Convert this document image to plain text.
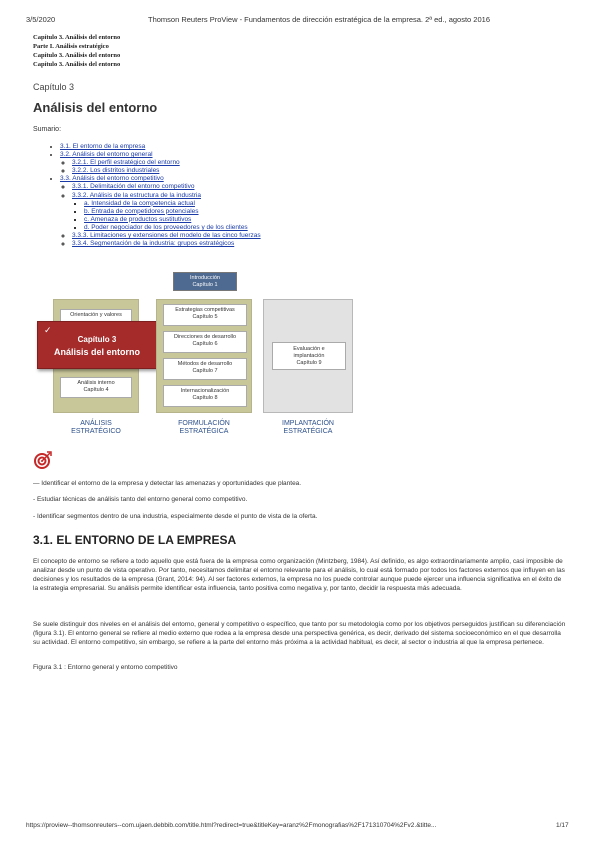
3/5/2020	Thomson Reuters ProView - Fundamentos de dirección estratégica de la empresa. 2ª ed., agosto 2016
Capítulo 3. Análisis del entorno
Parte I. Análisis estratégico
Capítulo 3. Análisis del entorno
Capítulo 3. Análisis del entorno
Capítulo 3
Análisis del entorno
Sumario:
• 3.1. El entorno de la empresa
• 3.2. Análisis del entorno general
◦ 3.2.1. El perfil estratégico del entorno
◦ 3.2.2. Los distritos industriales
• 3.3. Análisis del entorno competitivo
◦ 3.3.1. Delimitación del entorno competitivo
◦ 3.3.2. Análisis de la estructura de la industria
▪ a. Intensidad de la competencia actual
▪ b. Entrada de competidores potenciales
▪ c. Amenaza de productos sustitutivos
▪ d. Poder negociador de los proveedores y de los clientes
◦ 3.3.3. Limitaciones y extensiones del modelo de las cinco fuerzas
◦ 3.3.4. Segmentación de la industria: grupos estratégicos
Introducción
Capítulo 1
Orientación y valores
Análisis interno
Capítulo 4
✓
Capítulo 3
Análisis del entorno
Estrategias competitivas
Capítulo 5
Direcciones de desarrollo
Capítulo 6
Métodos de desarrollo
Capítulo 7
Internacionalización
Capítulo 8
Evaluación e
implantación
Capítulo 9
ANÁLISIS
ESTRATÉGICO
FORMULACIÓN
ESTRATÉGICA
IMPLANTACIÓN
ESTRATÉGICA
— Identificar el entorno de la empresa y detectar las amenazas y oportunidades que plantea.
- Estudiar técnicas de análisis tanto del entorno general como competitivo.
- Identificar segmentos dentro de una industria, especialmente desde el punto de vista de la oferta.
3.1. EL ENTORNO DE LA EMPRESA

El concepto de entorno se refiere a todo aquello que está fuera de la empresa como organización (Mintzberg, 1984). Así definido, es algo extraordinariamente amplio, casi imposible de analizar desde un punto de vista operativo. Por tanto, necesitamos delimitar el entorno relevante para el análisis, lo cual está formado por todos los factores externos que influyen en las decisiones y los resultados de la empresa (Grant, 2014: 94). Al ser factores externos, la empresa no los puede controlar aunque puede ejercer una influencia significativa en el éxito de la estrategia empresarial. Su análisis permite identificar esta influencia, tanto positiva como negativa y, por tanto, decidir la respuesta más adecuada.

Se suele distinguir dos niveles en el análisis del entorno, general y competitivo o específico, que tanto por su metodología como por los objetivos perseguidos justifican su diferenciación (figura 3.1). El entorno general se refiere al medio externo que rodea a la empresa desde una perspectiva genérica, es decir, derivado del sistema socioeconómico en el que desarrolla su actividad. El entorno competitivo, sin embargo, se refiere a la parte del entorno más próxima a la actividad habitual, es decir, al sector o industria al que la empresa pertenece.

Figura 3.1 : Entorno general y entorno competitivo
https://proview--thomsonreuters--com.ujaen.debbib.com/title.html?redirect=true&titleKey=aranz%2Fmonografias%2F171310704%2Fv2.&titte...	1/17
